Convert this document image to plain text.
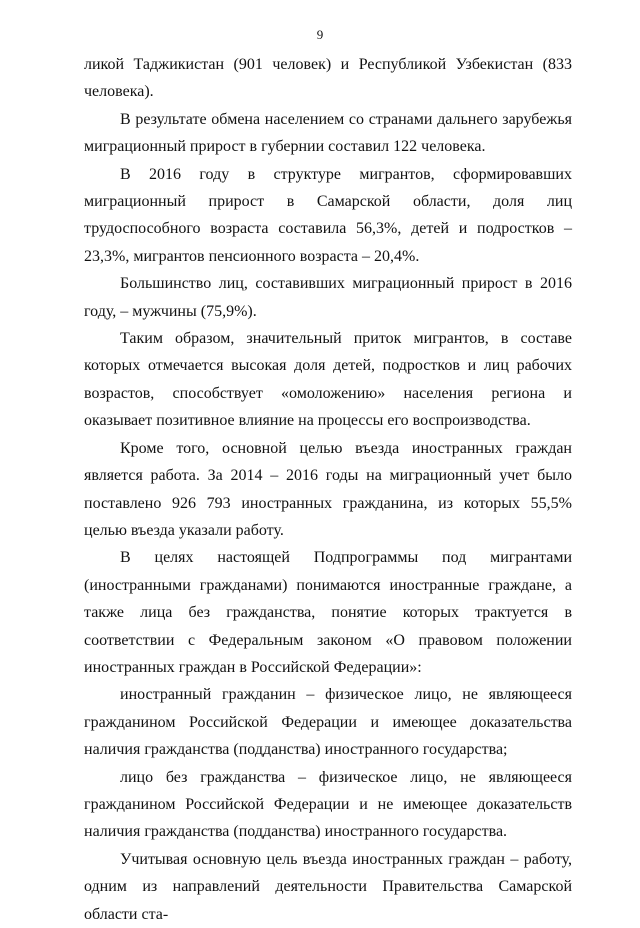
9

ликой Таджикистан (901 человек) и Республикой Узбекистан (833 человека).

В результате обмена населением со странами дальнего зарубежья миграционный прирост в губернии составил 122 человека.

В 2016 году в структуре мигрантов, сформировавших миграционный прирост в Самарской области, доля лиц трудоспособного возраста составила 56,3%, детей и подростков – 23,3%, мигрантов пенсионного возраста – 20,4%.

Большинство лиц, составивших миграционный прирост в 2016 году, – мужчины (75,9%).

Таким образом, значительный приток мигрантов, в составе которых отмечается высокая доля детей, подростков и лиц рабочих возрастов, способствует «омоложению» населения региона и оказывает позитивное влияние на процессы его воспроизводства.

Кроме того, основной целью въезда иностранных граждан является работа. За 2014 – 2016 годы на миграционный учет было поставлено 926 793 иностранных гражданина, из которых 55,5% целью въезда указали работу.

В целях настоящей Подпрограммы под мигрантами (иностранными гражданами) понимаются иностранные граждане, а также лица без гражданства, понятие которых трактуется в соответствии с Федеральным законом «О правовом положении иностранных граждан в Российской Федерации»:

иностранный гражданин – физическое лицо, не являющееся гражданином Российской Федерации и имеющее доказательства наличия гражданства (подданства) иностранного государства;

лицо без гражданства – физическое лицо, не являющееся гражданином Российской Федерации и не имеющее доказательств наличия гражданства (подданства) иностранного государства.

Учитывая основную цель въезда иностранных граждан – работу, одним из направлений деятельности Правительства Самарской области ста-
